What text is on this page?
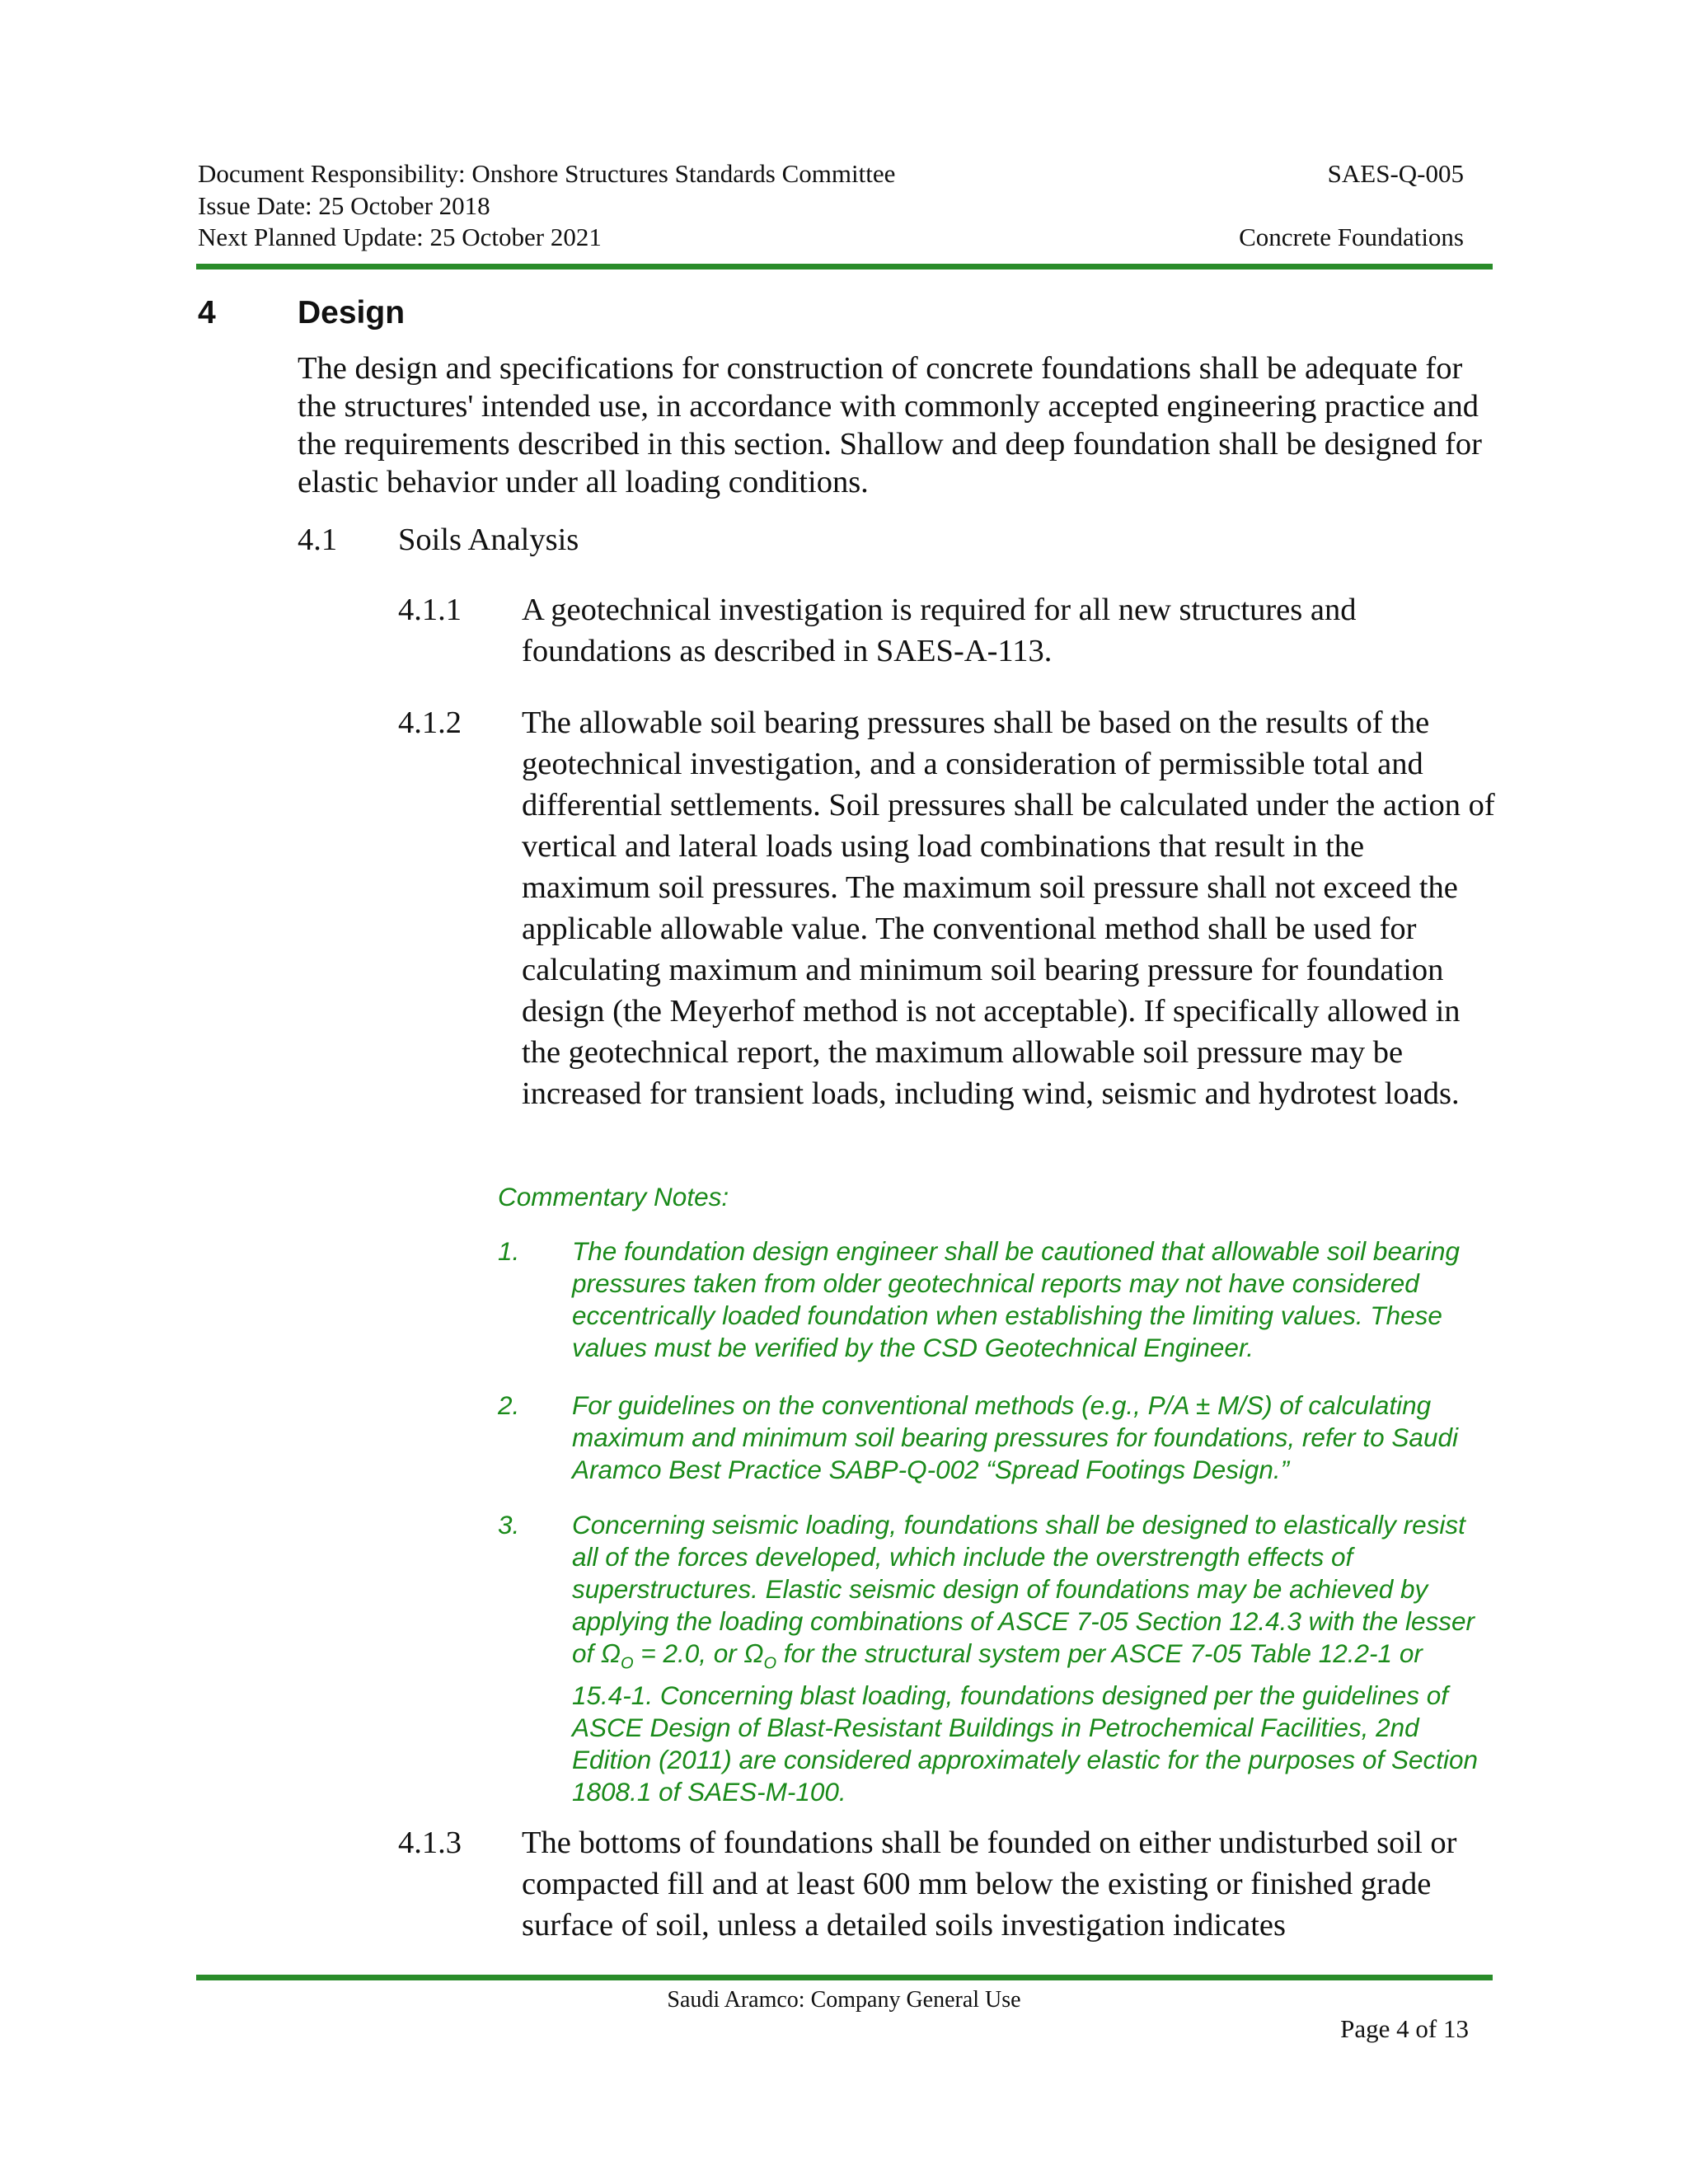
Document Responsibility: Onshore Structures Standards Committee	SAES-Q-005
Issue Date: 25 October 2018
Next Planned Update: 25 October 2021	Concrete Foundations
4	Design
The design and specifications for construction of concrete foundations shall be adequate for the structures' intended use, in accordance with commonly accepted engineering practice and the requirements described in this section. Shallow and deep foundation shall be designed for elastic behavior under all loading conditions.
4.1 Soils Analysis
4.1.1 A geotechnical investigation is required for all new structures and foundations as described in SAES-A-113.
4.1.2 The allowable soil bearing pressures shall be based on the results of the geotechnical investigation, and a consideration of permissible total and differential settlements. Soil pressures shall be calculated under the action of vertical and lateral loads using load combinations that result in the maximum soil pressures. The maximum soil pressure shall not exceed the applicable allowable value. The conventional method shall be used for calculating maximum and minimum soil bearing pressure for foundation design (the Meyerhof method is not acceptable). If specifically allowed in the geotechnical report, the maximum allowable soil pressure may be increased for transient loads, including wind, seismic and hydrotest loads.
Commentary Notes:
1. The foundation design engineer shall be cautioned that allowable soil bearing pressures taken from older geotechnical reports may not have considered eccentrically loaded foundation when establishing the limiting values. These values must be verified by the CSD Geotechnical Engineer.
2. For guidelines on the conventional methods (e.g., P/A ± M/S) of calculating maximum and minimum soil bearing pressures for foundations, refer to Saudi Aramco Best Practice SABP-Q-002 “Spread Footings Design.”
3. Concerning seismic loading, foundations shall be designed to elastically resist all of the forces developed, which include the overstrength effects of superstructures. Elastic seismic design of foundations may be achieved by applying the loading combinations of ASCE 7-05 Section 12.4.3 with the lesser of $\Omega_O = 2.0$, or $\Omega_O$ for the structural system per ASCE 7-05 Table 12.2-1 or 15.4-1. Concerning blast loading, foundations designed per the guidelines of ASCE Design of Blast-Resistant Buildings in Petrochemical Facilities, 2nd Edition (2011) are considered approximately elastic for the purposes of Section 1808.1 of SAES-M-100.
4.1.3 The bottoms of foundations shall be founded on either undisturbed soil or compacted fill and at least 600 mm below the existing or finished grade surface of soil, unless a detailed soils investigation indicates
Saudi Aramco: Company General Use
Page 4 of 13
